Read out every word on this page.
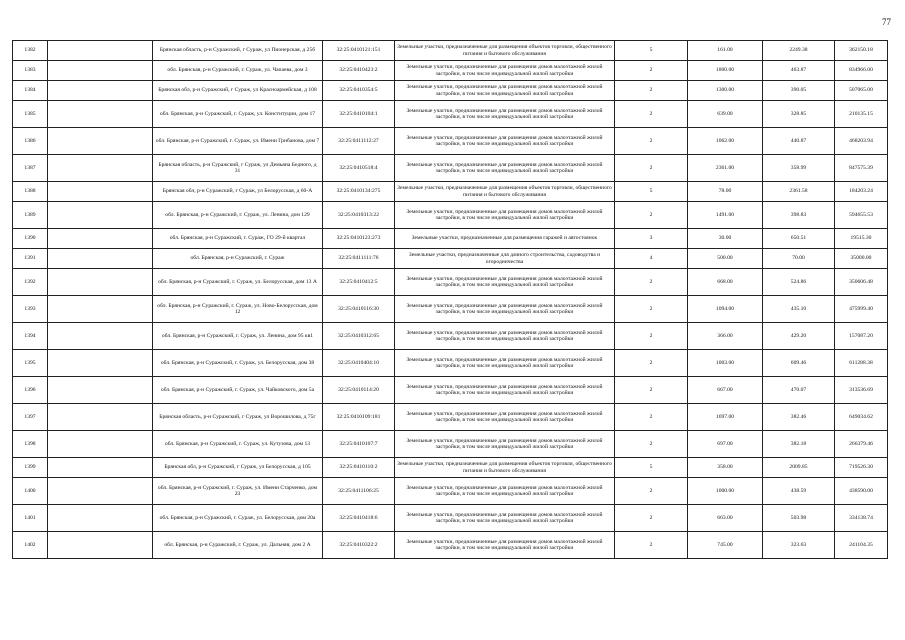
77
1382		Брянская область, р-н Суражский, г Сураж, ул Пионерская, д 25б	32:25:0410121:151	Земельные участки, предназначенные для размещения объектов торговли, общественного питания и бытового обслуживания	5	161.00	2249.38	362150.18
1383		обл. Брянская, р-н Суражский, г. Сураж, ул. Чапаева, дом 3	32:25:0410423:2	Земельные участки, предназначенные для размещения домов малоэтажной жилой застройки, в том числе индивидуальной жилой застройки	2	1800.00	463.87	834966.00
1384		Брянская обл, р-н Суражский, г Сураж, ул Красноармейская, д 108	32:25:0410354:5	Земельные участки, предназначенные для размещения домов малоэтажной жилой застройки, в том числе индивидуальной жилой застройки	2	1300.00	390.05	507065.00
1385		обл. Брянская, р-н Суражский, г. Сураж, ул. Конституции, дом 17	32:25:0410104:1	Земельные участки, предназначенные для размещения домов малоэтажной жилой застройки, в том числе индивидуальной жилой застройки	2	639.00	328.85	210135.15
1386		обл. Брянская, р-н Суражский, г. Сураж, ул. Имени Грибанова, дом 7	32:25:0411112:27	Земельные участки, предназначенные для размещения домов малоэтажной жилой застройки, в том числе индивидуальной жилой застройки	2	1062.00	440.87	468203.94
1387		Брянская область, р-н Суражский, г Сураж, ул Демьяна Бедного, д 31	32:25:0410518:4	Земельные участки, предназначенные для размещения домов малоэтажной жилой застройки, в том числе индивидуальной жилой застройки	2	2361.00	358.99	847575.39
1388		Брянская обл, р-н Суражский, г Сураж, ул Белорусская, д 60-А	32:25:0410134:275	Земельные участки, предназначенные для размещения объектов торговли, общественного питания и бытового обслуживания	5	78.00	2361.58	184203.24
1389		обл. Брянская, р-н Суражский, г. Сураж, ул. Ленина, дом 129	32:25:0410313:22	Земельные участки, предназначенные для размещения домов малоэтажной жилой застройки, в том числе индивидуальной жилой застройки	2	1491.00	398.83	594655.53
1390		обл. Брянская, р-н Суражский, г. Сураж, ГО 29-й квартал	32:25:0410123:273	Земельные участки, предназначенные для размещения гаражей и автостоянок	3	30.00	650.51	19515.30
1391		обл. Брянская, р-н Суражский, г. Сураж	32:25:0411111:76	Земельные участки, предназначенные для дачного строительства, садоводства и огородничества	4	500.00	70.00	35000.00
1392		обл. Брянская, р-н Суражский, г. Сураж, ул. Белорусская, дом 13 А	32:25:0410412:5	Земельные участки, предназначенные для размещения домов малоэтажной жилой застройки, в том числе индивидуальной жилой застройки	2	668.00	524.86	350606.48
1393		обл. Брянская, р-н Суражский, г. Сураж, ул. Ново-Белорусская, дом 12	32:25:0410116:30	Земельные участки, предназначенные для размещения домов малоэтажной жилой застройки, в том числе индивидуальной жилой застройки	2	1094.00	435.10	475999.40
1394		обл. Брянская, р-н Суражский, г. Сураж, ул. Ленина, дом 95 кв1	32:25:0410312:65	Земельные участки, предназначенные для размещения домов малоэтажной жилой застройки, в том числе индивидуальной жилой застройки	2	366.00	429.20	157087.20
1395		обл. Брянская, р-н Суражский, г. Сураж, ул. Белорусская, дом 38	32:25:0410404:10	Земельные участки, предназначенные для размещения домов малоэтажной жилой застройки, в том числе индивидуальной жилой застройки	2	1003.00	609.46	611288.38
1396		обл. Брянская, р-н Суражский, г. Сураж, ул. Чайковского, дом 5а	32:25:0410114:20	Земельные участки, предназначенные для размещения домов малоэтажной жилой застройки, в том числе индивидуальной жилой застройки	2	667.00	470.07	313536.69
1397		Брянская область, р-н Суражский, г Сураж, ул Ворошилова, д 75г	32:25:0410109:181	Земельные участки, предназначенные для размещения домов малоэтажной жилой застройки, в том числе индивидуальной жилой застройки	2	1697.00	382.46	649034.62
1398		обл. Брянская, р-н Суражский, г. Сураж, ул. Кутузова, дом 13	32:25:0410107:7	Земельные участки, предназначенные для размещения домов малоэтажной жилой застройки, в том числе индивидуальной жилой застройки	2	697.00	382.18	266379.46
1399		Брянская обл, р-н Суражский, г Сураж, ул Белорусская, д 105	32:25:0410110:2	Земельные участки, предназначенные для размещения объектов торговли, общественного питания и бытового обслуживания	5	358.00	2009.85	719526.30
1400		обл. Брянская, р-н Суражский, г. Сураж, ул. Имени Старченко, дом 23	32:25:0411106:25	Земельные участки, предназначенные для размещения домов малоэтажной жилой застройки, в том числе индивидуальной жилой застройки	2	1000.00	438.59	438590.00
1401		обл. Брянская, р-н Суражский, г. Сураж, ул. Белорусская, дом 20а	32:25:0410418:6	Земельные участки, предназначенные для размещения домов малоэтажной жилой застройки, в том числе индивидуальной жилой застройки	2	663.00	503.98	334138.74
1402		обл. Брянская, р-н Суражский, г. Сураж, ул. Дальняя, дом 2 А	32:25:0410322:2	Земельные участки, предназначенные для размещения домов малоэтажной жилой застройки, в том числе индивидуальной жилой застройки	2	745.00	323.63	241104.35
